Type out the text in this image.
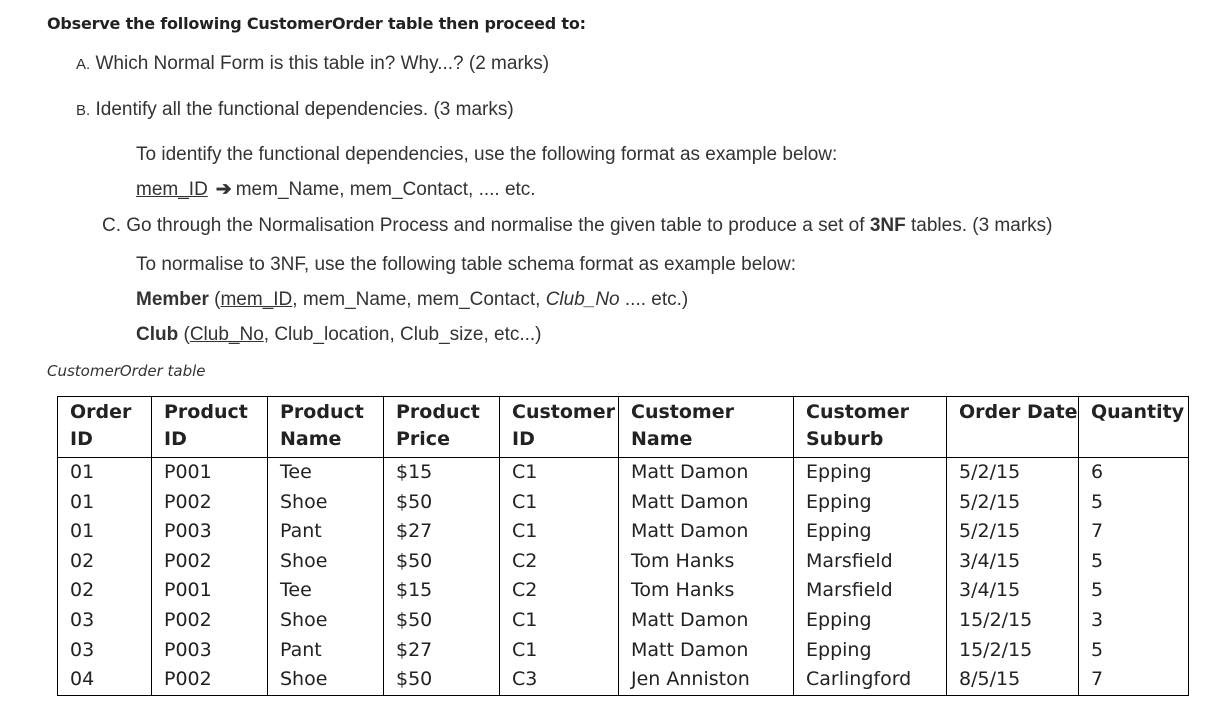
Observe the following CustomerOrder table then proceed to:
A. Which Normal Form is this table in? Why...? (2 marks)
B. Identify all the functional dependencies. (3 marks)
To identify the functional dependencies, use the following format as example below:
mem_ID ➔ mem_Name, mem_Contact, .... etc.
C. Go through the Normalisation Process and normalise the given table to produce a set of 3NF tables. (3 marks)
To normalise to 3NF, use the following table schema format as example below:
Member (mem_ID, mem_Name, mem_Contact, Club_No .... etc.)
Club (Club_No, Club_location, Club_size, etc...)
CustomerOrder table
Order ID	Product ID	Product Name	Product Price	Customer ID	Customer Name	Customer Suburb	Order Date	Quantity
01	P001	Tee	$15	C1	Matt Damon	Epping	5/2/15	6
01	P002	Shoe	$50	C1	Matt Damon	Epping	5/2/15	5
01	P003	Pant	$27	C1	Matt Damon	Epping	5/2/15	7
02	P002	Shoe	$50	C2	Tom Hanks	Marsfield	3/4/15	5
02	P001	Tee	$15	C2	Tom Hanks	Marsfield	3/4/15	5
03	P002	Shoe	$50	C1	Matt Damon	Epping	15/2/15	3
03	P003	Pant	$27	C1	Matt Damon	Epping	15/2/15	5
04	P002	Shoe	$50	C3	Jen Anniston	Carlingford	8/5/15	7
